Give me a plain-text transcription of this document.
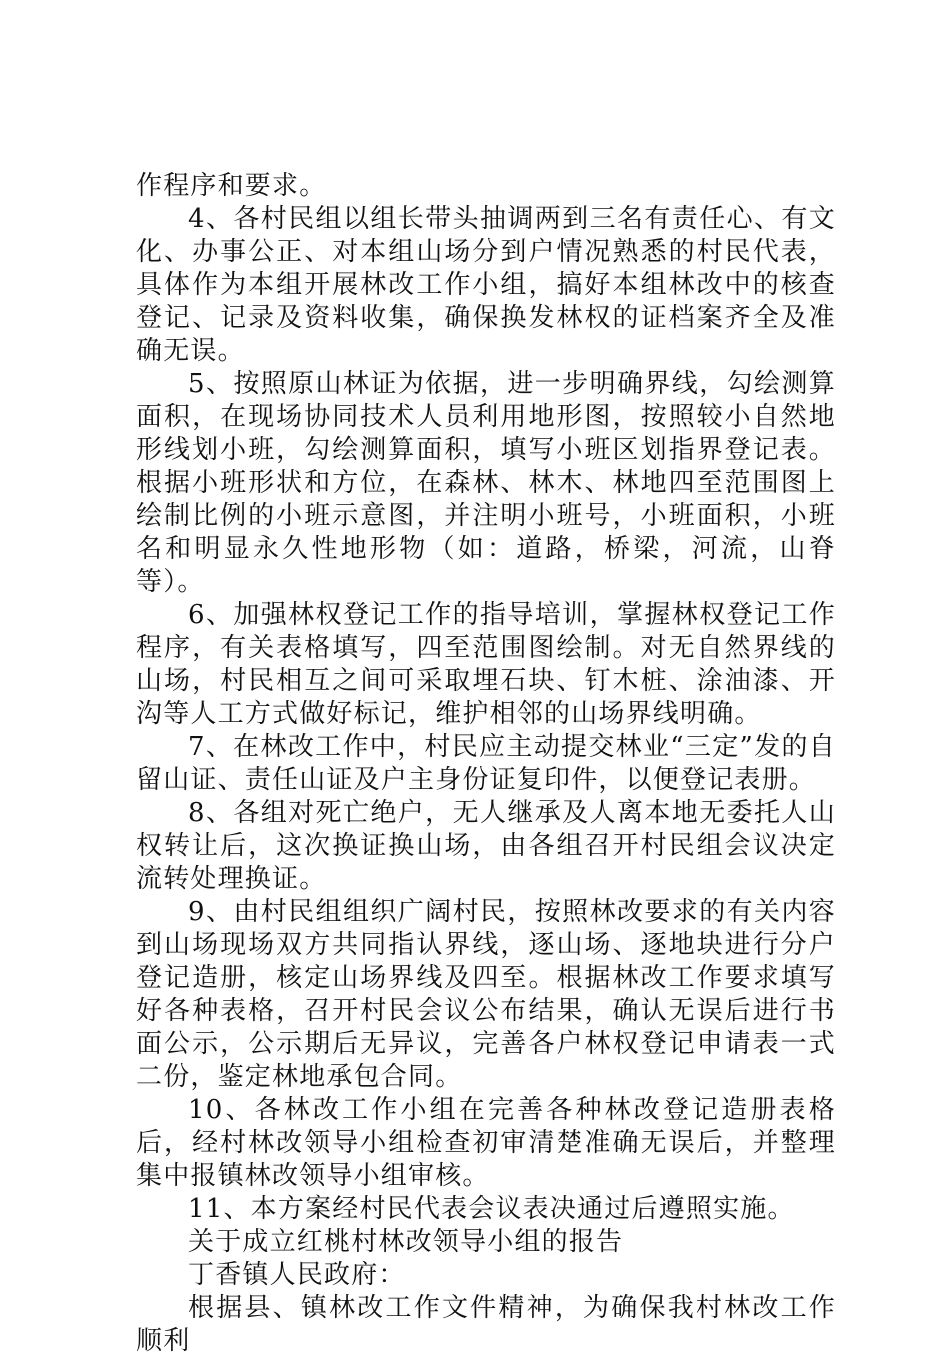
作程序和要求。

4、各村民组以组长带头抽调两到三名有责任心、有文化、办事公正、对本组山场分到户情况熟悉的村民代表，具体作为本组开展林改工作小组，搞好本组林改中的核查登记、记录及资料收集，确保换发林权的证档案齐全及准确无误。

5、按照原山林证为依据，进一步明确界线，勾绘测算面积，在现场协同技术人员利用地形图，按照较小自然地形线划小班，勾绘测算面积，填写小班区划指界登记表。根据小班形状和方位，在森林、林木、林地四至范围图上绘制比例的小班示意图，并注明小班号，小班面积，小班名和明显永久性地形物（如：道路，桥梁，河流，山脊等）。

6、加强林权登记工作的指导培训，掌握林权登记工作程序，有关表格填写，四至范围图绘制。对无自然界线的山场，村民相互之间可采取埋石块、钉木桩、涂油漆、开沟等人工方式做好标记，维护相邻的山场界线明确。

7、在林改工作中，村民应主动提交林业“三定”发的自留山证、责任山证及户主身份证复印件，以便登记表册。

8、各组对死亡绝户，无人继承及人离本地无委托人山权转让后，这次换证换山场，由各组召开村民组会议决定流转处理换证。

9、由村民组组织广阔村民，按照林改要求的有关内容到山场现场双方共同指认界线，逐山场、逐地块进行分户登记造册，核定山场界线及四至。根据林改工作要求填写好各种表格，召开村民会议公布结果，确认无误后进行书面公示，公示期后无异议，完善各户林权登记申请表一式二份，鉴定林地承包合同。

10、各林改工作小组在完善各种林改登记造册表格后，经村林改领导小组检查初审清楚准确无误后，并整理集中报镇林改领导小组审核。

11、本方案经村民代表会议表决通过后遵照实施。

关于成立红桃村林改领导小组的报告

丁香镇人民政府：

根据县、镇林改工作文件精神，为确保我村林改工作顺利
